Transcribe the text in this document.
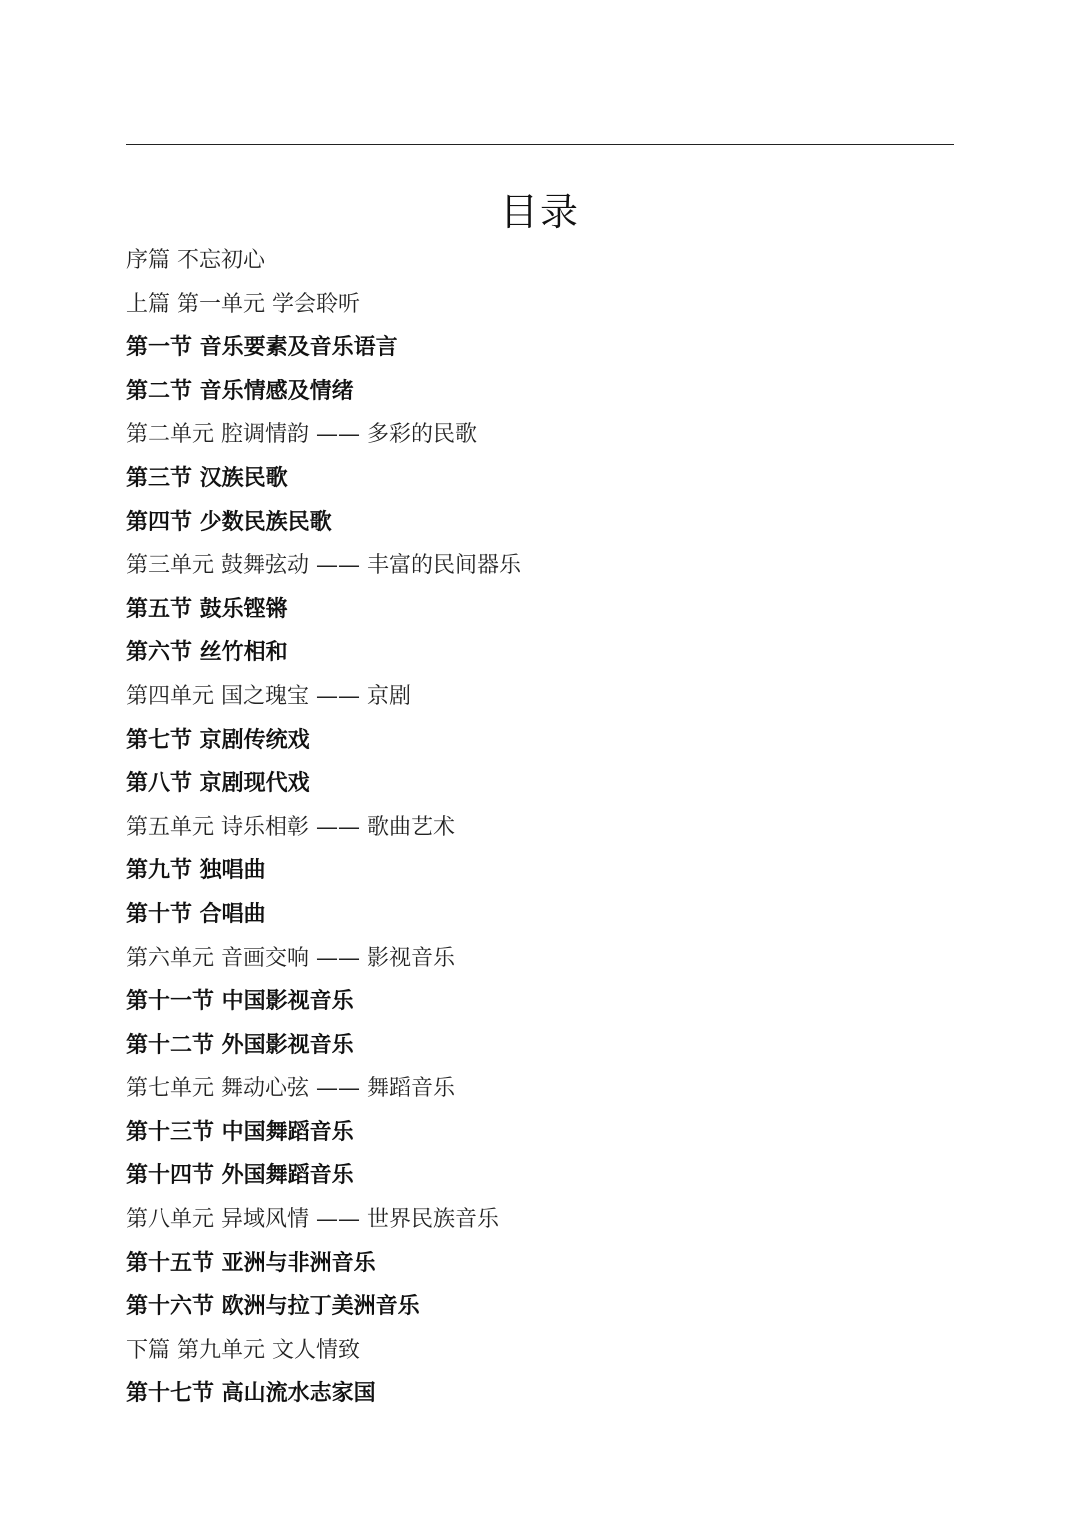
目录
序篇 不忘初心
上篇 第一单元 学会聆听
第一节 音乐要素及音乐语言
第二节 音乐情感及情绪
第二单元 腔调情韵 —— 多彩的民歌
第三节 汉族民歌
第四节 少数民族民歌
第三单元 鼓舞弦动 —— 丰富的民间器乐
第五节 鼓乐铿锵
第六节 丝竹相和
第四单元 国之瑰宝 —— 京剧
第七节 京剧传统戏
第八节 京剧现代戏
第五单元 诗乐相彰 —— 歌曲艺术
第九节 独唱曲
第十节 合唱曲
第六单元 音画交响 —— 影视音乐
第十一节 中国影视音乐
第十二节 外国影视音乐
第七单元 舞动心弦 —— 舞蹈音乐
第十三节 中国舞蹈音乐
第十四节 外国舞蹈音乐
第八单元 异域风情 —— 世界民族音乐
第十五节 亚洲与非洲音乐
第十六节 欧洲与拉丁美洲音乐
下篇 第九单元 文人情致
第十七节 高山流水志家国
